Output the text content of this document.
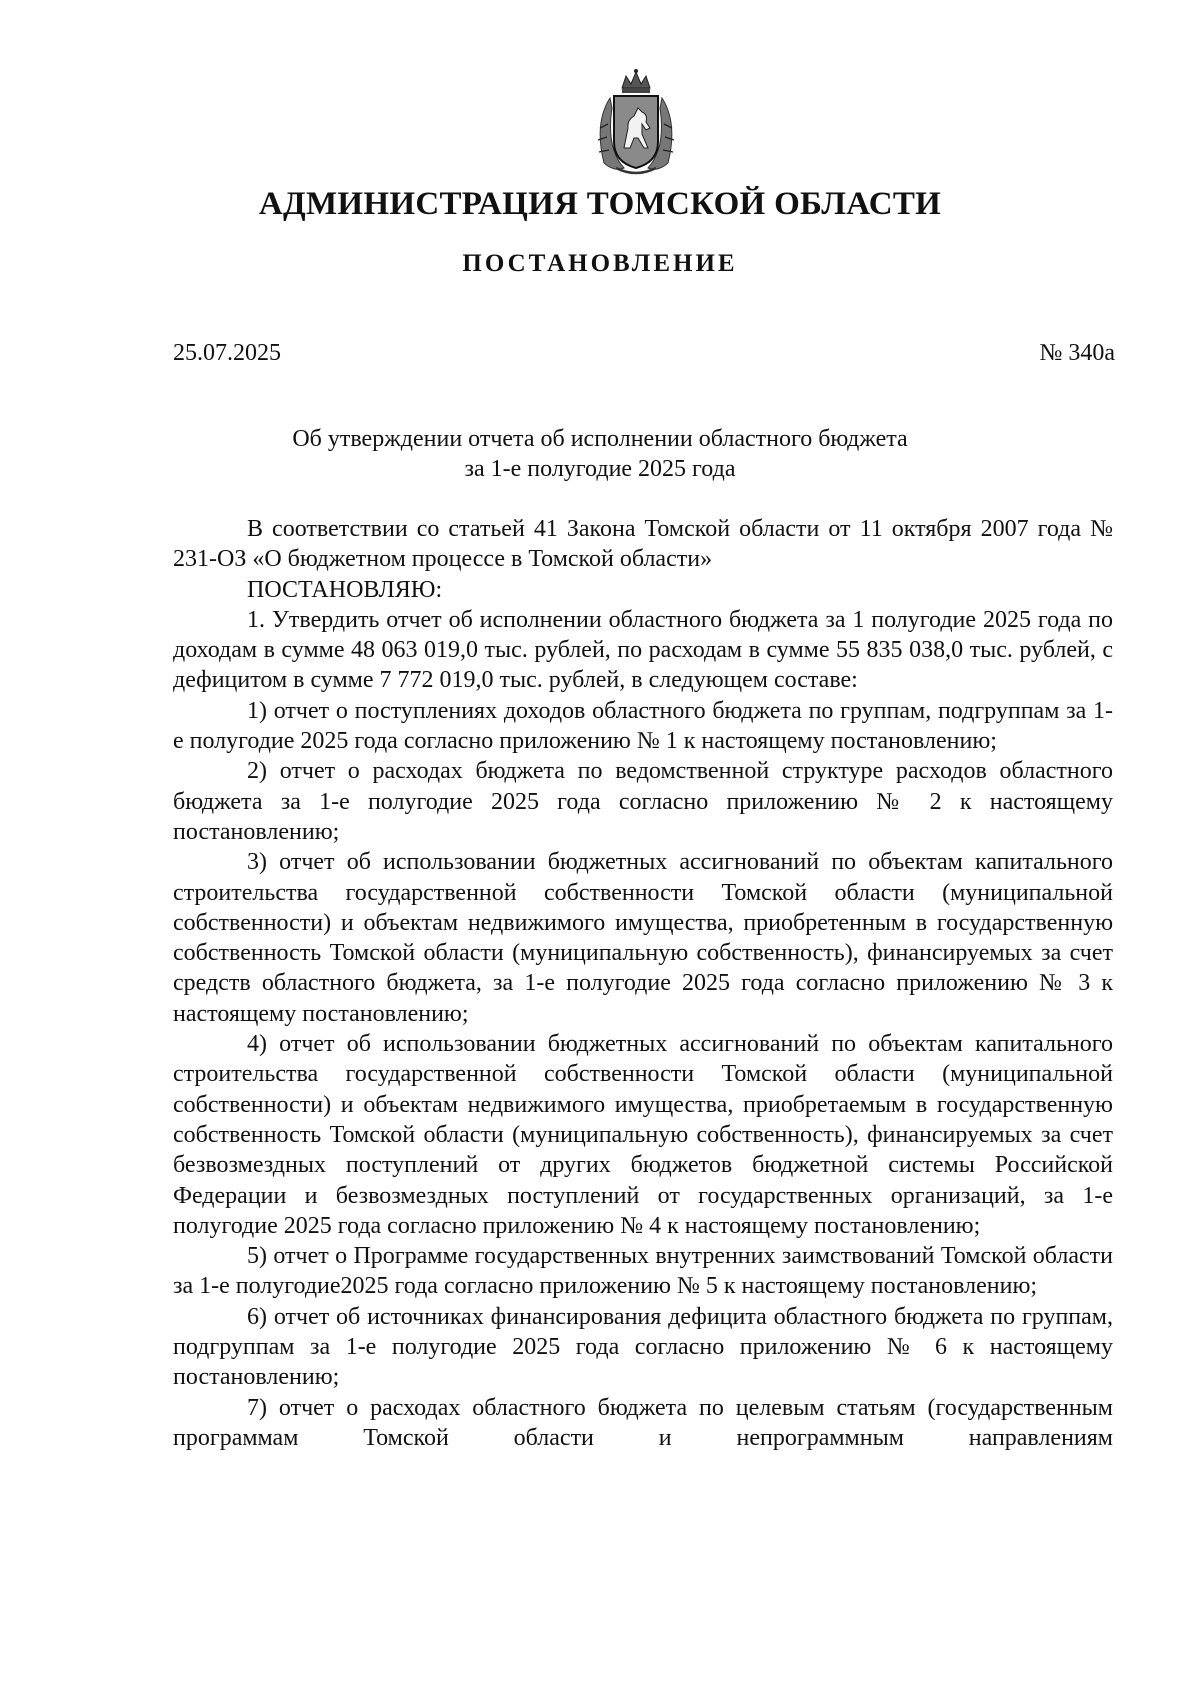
АДМИНИСТРАЦИЯ ТОМСКОЙ ОБЛАСТИ
ПОСТАНОВЛЕНИЕ
25.07.2025	№ 340а
Об утверждении отчета об исполнении областного бюджета
за 1-е полугодие 2025 года

В соответствии со статьей 41 Закона Томской области от 11 октября 2007 года № 231-ОЗ «О бюджетном процессе в Томской области»

ПОСТАНОВЛЯЮ:

1. Утвердить отчет об исполнении областного бюджета за 1 полугодие 2025 года по доходам в сумме 48 063 019,0 тыс. рублей, по расходам в сумме 55 835 038,0 тыс. рублей, с дефицитом в сумме 7 772 019,0 тыс. рублей, в следующем составе:

1) отчет о поступлениях доходов областного бюджета по группам, подгруппам за 1-е полугодие 2025 года согласно приложению № 1 к настоящему постановлению;

2) отчет о расходах бюджета по ведомственной структуре расходов областного бюджета за 1-е полугодие 2025 года согласно приложению № 2 к настоящему постановлению;

3) отчет об использовании бюджетных ассигнований по объектам капитального строительства государственной собственности Томской области (муниципальной собственности) и объектам недвижимого имущества, приобретенным в государственную собственность Томской области (муниципальную собственность), финансируемых за счет средств областного бюджета, за 1-е полугодие 2025 года согласно приложению № 3 к настоящему постановлению;

4) отчет об использовании бюджетных ассигнований по объектам капитального строительства государственной собственности Томской области (муниципальной собственности) и объектам недвижимого имущества, приобретаемым в государственную собственность Томской области (муниципальную собственность), финансируемых за счет безвозмездных поступлений от других бюджетов бюджетной системы Российской Федерации и безвозмездных поступлений от государственных организаций, за 1-е полугодие 2025 года согласно приложению № 4 к настоящему постановлению;

5) отчет о Программе государственных внутренних заимствований Томской области за 1-е полугодие2025 года согласно приложению № 5 к настоящему постановлению;

6) отчет об источниках финансирования дефицита областного бюджета по группам, подгруппам за 1-е полугодие 2025 года согласно приложению № 6 к настоящему постановлению;

7) отчет о расходах областного бюджета по целевым статьям (государственным программам Томской области и непрограммным направлениям
